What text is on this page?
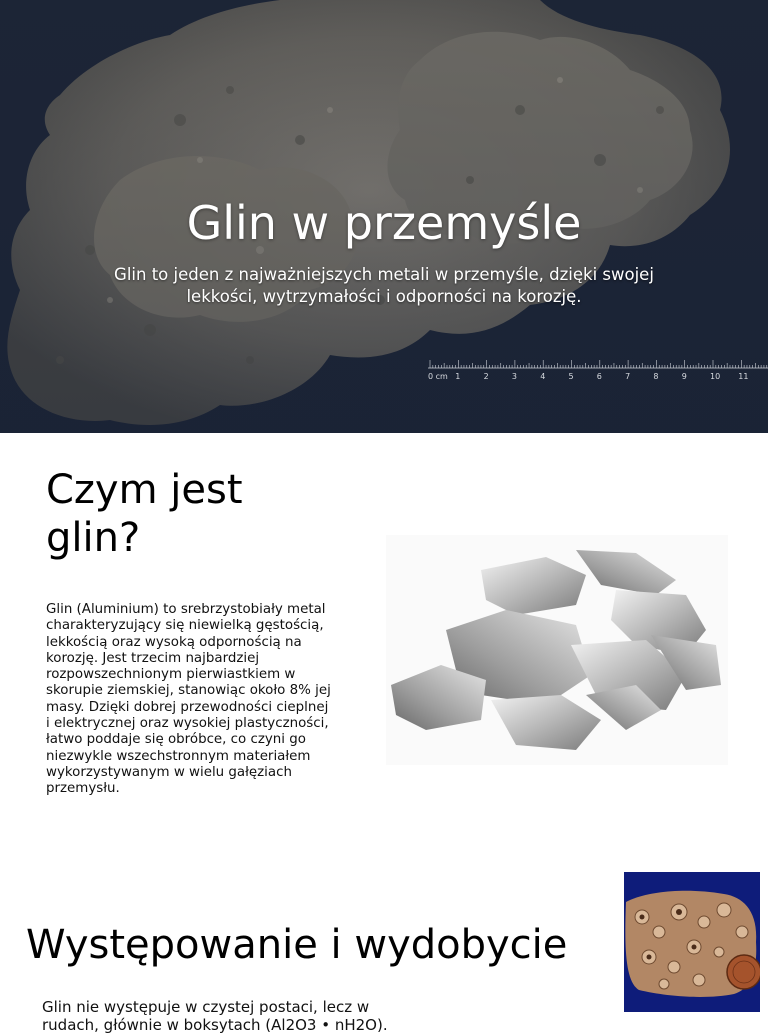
0 cm 1	2	3	4	5	6	7	8	9	10 11
Glin w przemyśle

Glin to jeden z najważniejszych metali w przemyśle, dzięki swojej lekkości, wytrzymałości i odporności na korozję.

Czym jest glin?

Glin (Aluminium) to srebrzystobiały metal charakteryzujący się niewielką gęstością, lekkością oraz wysoką odpornością na korozję. Jest trzecim najbardziej rozpowszechnionym pierwiastkiem w skorupie ziemskiej, stanowiąc około 8% jej masy. Dzięki dobrej przewodności cieplnej i elektrycznej oraz wysokiej plastyczności, łatwo poddaje się obróbce, co czyni go niezwykle wszechstronnym materiałem wykorzystywanym w wielu gałęziach przemysłu.

Występowanie i wydobycie

Glin nie występuje w czystej postaci, lecz w rudach, głównie w boksytach (Al2O3 • nH2O).
